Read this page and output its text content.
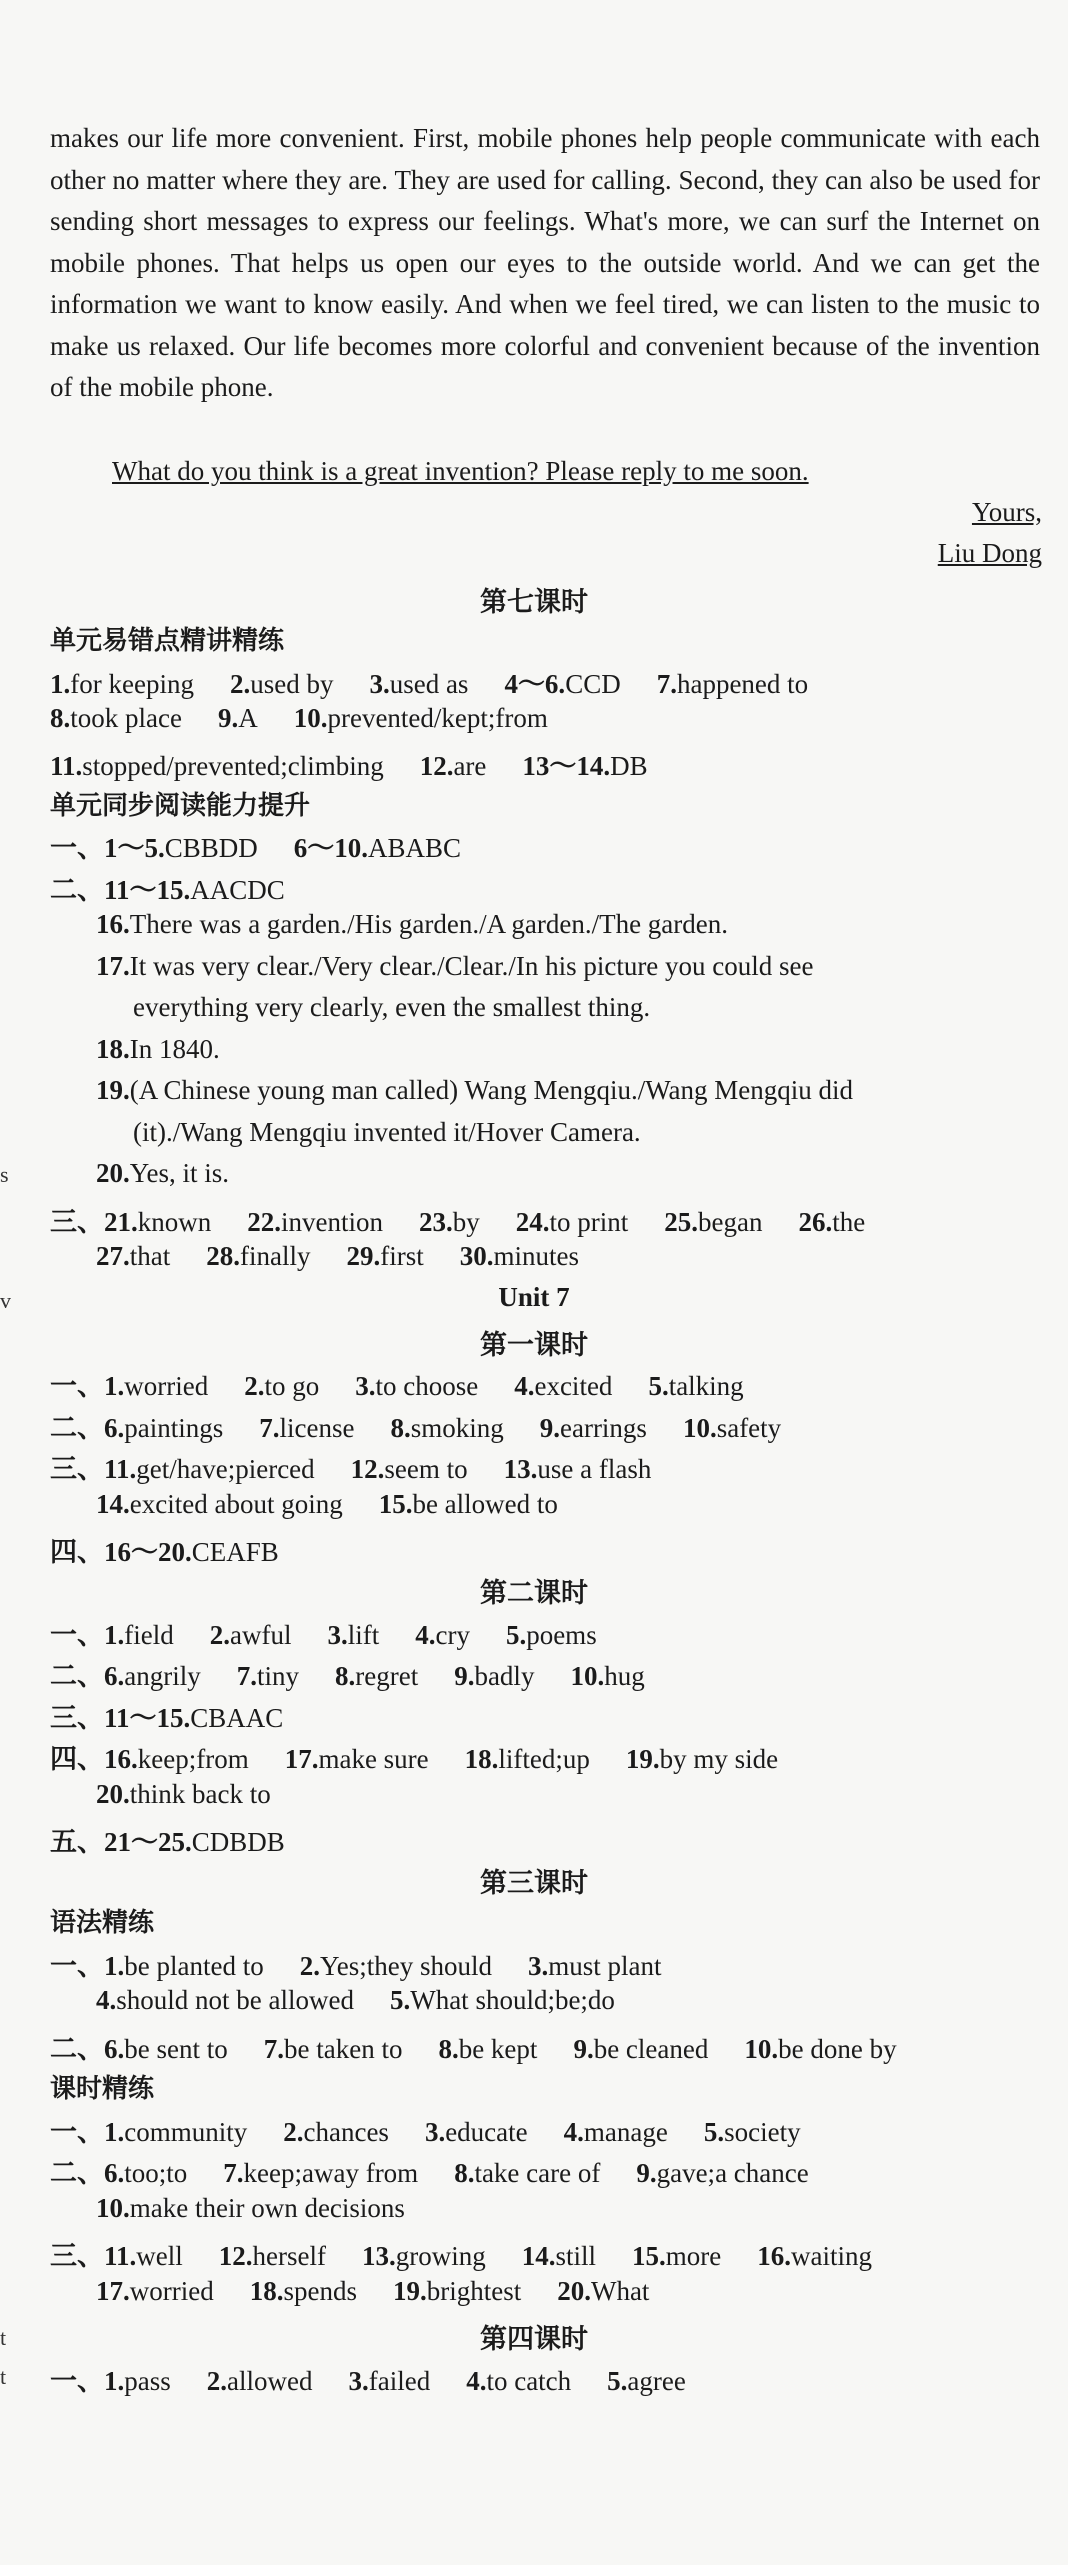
makes our life more convenient. First, mobile phones help people communicate with each other no matter where they are. They are used for calling. Second, they can also be used for sending short messages to express our feelings. What's more, we can surf the Internet on mobile phones. That helps us open our eyes to the outside world. And we can get the information we want to know easily. And when we feel tired, we can listen to the music to make us relaxed. Our life becomes more colorful and convenient because of the invention of the mobile phone.
What do you think is a great invention? Please reply to me soon.
Yours,
Liu Dong
第七课时
单元易错点精讲精练
1.for keeping 2.used by 3.used as 4～6.CCD 7.happened to
8.took place 9.A 10.prevented/kept;from
11.stopped/prevented;climbing 12.are 13～14.DB
单元同步阅读能力提升
一、1～5.CBBDD 6～10.ABABC
二、11～15.AACDC
16.There was a garden./His garden./A garden./The garden.
17.It was very clear./Very clear./Clear./In his picture you could see
everything very clearly, even the smallest thing.
18.In 1840.
19.(A Chinese young man called) Wang Mengqiu./Wang Mengqiu did
(it)./Wang Mengqiu invented it/Hover Camera.
20.Yes, it is.
三、21.known 22.invention 23.by 24.to print 25.began 26.the
27.that 28.finally 29.first 30.minutes
Unit 7
第一课时
一、1.worried 2.to go 3.to choose 4.excited 5.talking
二、6.paintings 7.license 8.smoking 9.earrings 10.safety
三、11.get/have;pierced 12.seem to 13.use a flash
14.excited about going 15.be allowed to
四、16～20.CEAFB
第二课时
一、1.field 2.awful 3.lift 4.cry 5.poems
二、6.angrily 7.tiny 8.regret 9.badly 10.hug
三、11～15.CBAAC
四、16.keep;from 17.make sure 18.lifted;up 19.by my side
20.think back to
五、21～25.CDBDB
第三课时
语法精练
一、1.be planted to 2.Yes;they should 3.must plant
4.should not be allowed 5.What should;be;do
二、6.be sent to 7.be taken to 8.be kept 9.be cleaned 10.be done by
课时精练
一、1.community 2.chances 3.educate 4.manage 5.society
二、6.too;to 7.keep;away from 8.take care of 9.gave;a chance
10.make their own decisions
三、11.well 12.herself 13.growing 14.still 15.more 16.waiting
17.worried 18.spends 19.brightest 20.What
第四课时
一、1.pass 2.allowed 3.failed 4.to catch 5.agree
s
v
t
t
